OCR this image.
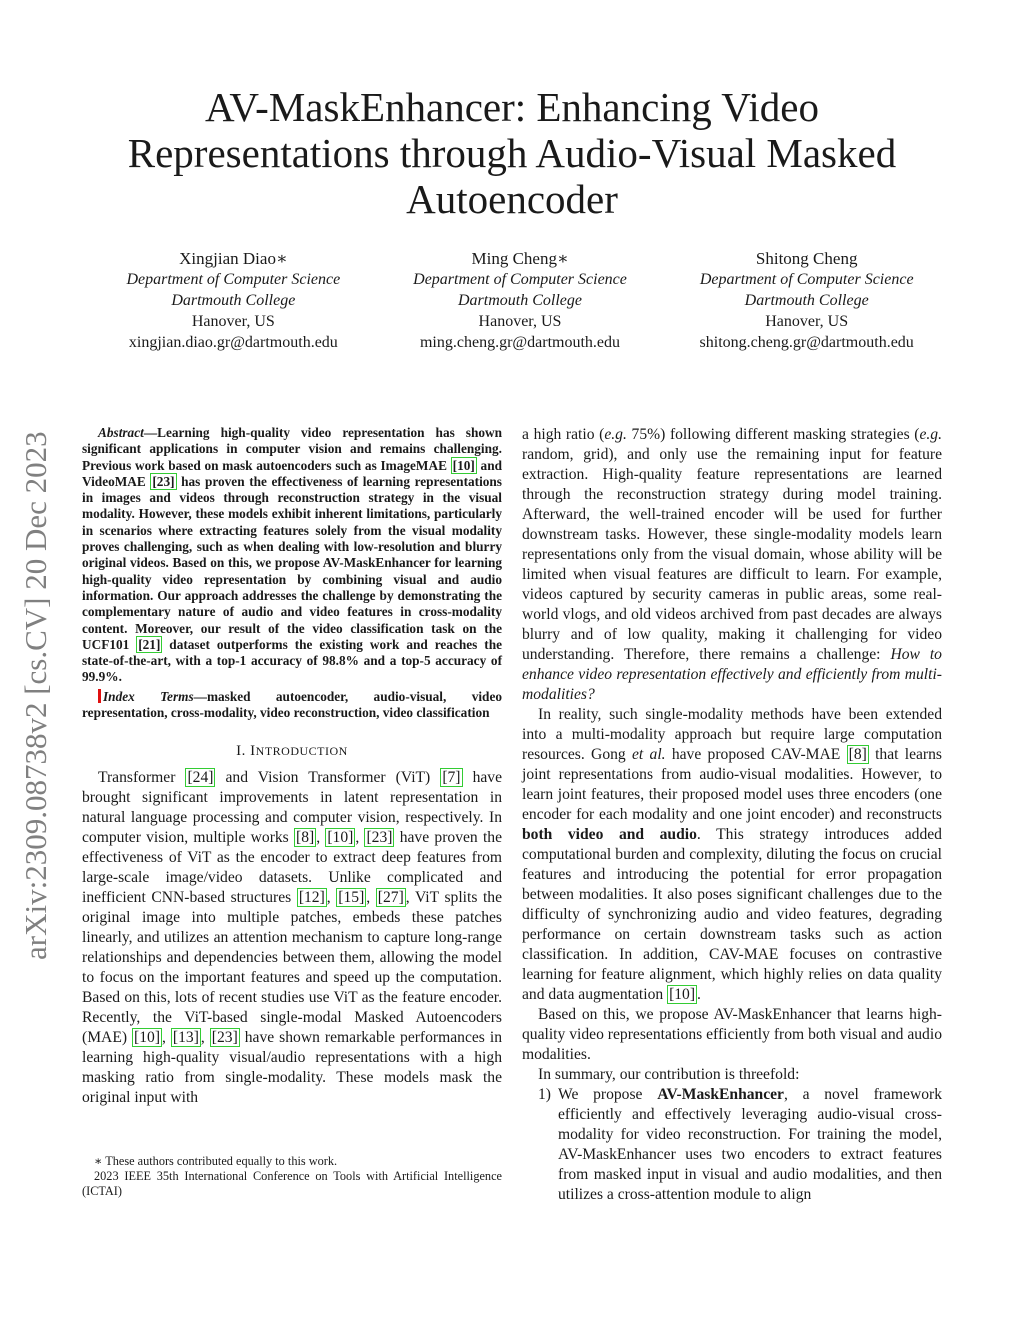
arXiv:2309.08738v2 [cs.CV] 20 Dec 2023
AV-MaskEnhancer: Enhancing Video Representations through Audio-Visual Masked Autoencoder
Xingjian Diao∗
Department of Computer Science
Dartmouth College
Hanover, US
xingjian.diao.gr@dartmouth.edu
Ming Cheng∗
Department of Computer Science
Dartmouth College
Hanover, US
ming.cheng.gr@dartmouth.edu
Shitong Cheng
Department of Computer Science
Dartmouth College
Hanover, US
shitong.cheng.gr@dartmouth.edu

Abstract—Learning high-quality video representation has shown significant applications in computer vision and remains challenging. Previous work based on mask autoencoders such as ImageMAE [10] and VideoMAE [23] has proven the effectiveness of learning representations in images and videos through reconstruction strategy in the visual modality. However, these models exhibit inherent limitations, particularly in scenarios where extracting features solely from the visual modality proves challenging, such as when dealing with low-resolution and blurry original videos. Based on this, we propose AV-MaskEnhancer for learning high-quality video representation by combining visual and audio information. Our approach addresses the challenge by demonstrating the complementary nature of audio and video features in cross-modality content. Moreover, our result of the video classification task on the UCF101 [21] dataset outperforms the existing work and reaches the state-of-the-art, with a top-1 accuracy of 98.8% and a top-5 accuracy of 99.9%.

Index Terms—masked autoencoder, audio-visual, video representation, cross-modality, video reconstruction, video classification

I. INTRODUCTION

Transformer [24] and Vision Transformer (ViT) [7] have brought significant improvements in latent representation in natural language processing and computer vision, respectively. In computer vision, multiple works [8] , [10] , [23] have proven the effectiveness of ViT as the encoder to extract deep features from large-scale image/video datasets. Unlike complicated and inefficient CNN-based structures [12] , [15] , [27] , ViT splits the original image into multiple patches, embeds these patches linearly, and utilizes an attention mechanism to capture long-range relationships and dependencies between them, allowing the model to focus on the important features and speed up the computation. Based on this, lots of recent studies use ViT as the feature encoder. Recently, the ViT-based single-modal Masked Autoencoders (MAE) [10] , [13] , [23] have shown remarkable performances in learning high-quality visual/audio representations with a high masking ratio from single-modality. These models mask the original input with

∗ These authors contributed equally to this work.
2023 IEEE 35th International Conference on Tools with Artificial Intelligence (ICTAI)

a high ratio (e.g. 75%) following different masking strategies (e.g. random, grid), and only use the remaining input for feature extraction. High-quality feature representations are learned through the reconstruction strategy during model training. Afterward, the well-trained encoder will be used for further downstream tasks. However, these single-modality models learn representations only from the visual domain, whose ability will be limited when visual features are difficult to learn. For example, videos captured by security cameras in public areas, some real-world vlogs, and old videos archived from past decades are always blurry and of low quality, making it challenging for video understanding. Therefore, there remains a challenge: How to enhance video representation effectively and efficiently from multi-modalities?

In reality, such single-modality methods have been extended into a multi-modality approach but require large computation resources. Gong et al. have proposed CAV-MAE [8] that learns joint representations from audio-visual modalities. However, to learn joint features, their proposed model uses three encoders (one encoder for each modality and one joint encoder) and reconstructs both video and audio. This strategy introduces added computational burden and complexity, diluting the focus on crucial features and introducing the potential for error propagation between modalities. It also poses significant challenges due to the difficulty of synchronizing audio and video features, degrading performance on certain downstream tasks such as action classification. In addition, CAV-MAE focuses on contrastive learning for feature alignment, which highly relies on data quality and data augmentation [10] .

Based on this, we propose AV-MaskEnhancer that learns high-quality video representations efficiently from both visual and audio modalities.

In summary, our contribution is threefold:

1) We propose AV-MaskEnhancer, a novel framework efficiently and effectively leveraging audio-visual cross-modality for video reconstruction. For training the model, AV-MaskEnhancer uses two encoders to extract features from masked input in visual and audio modalities, and then utilizes a cross-attention module to align
